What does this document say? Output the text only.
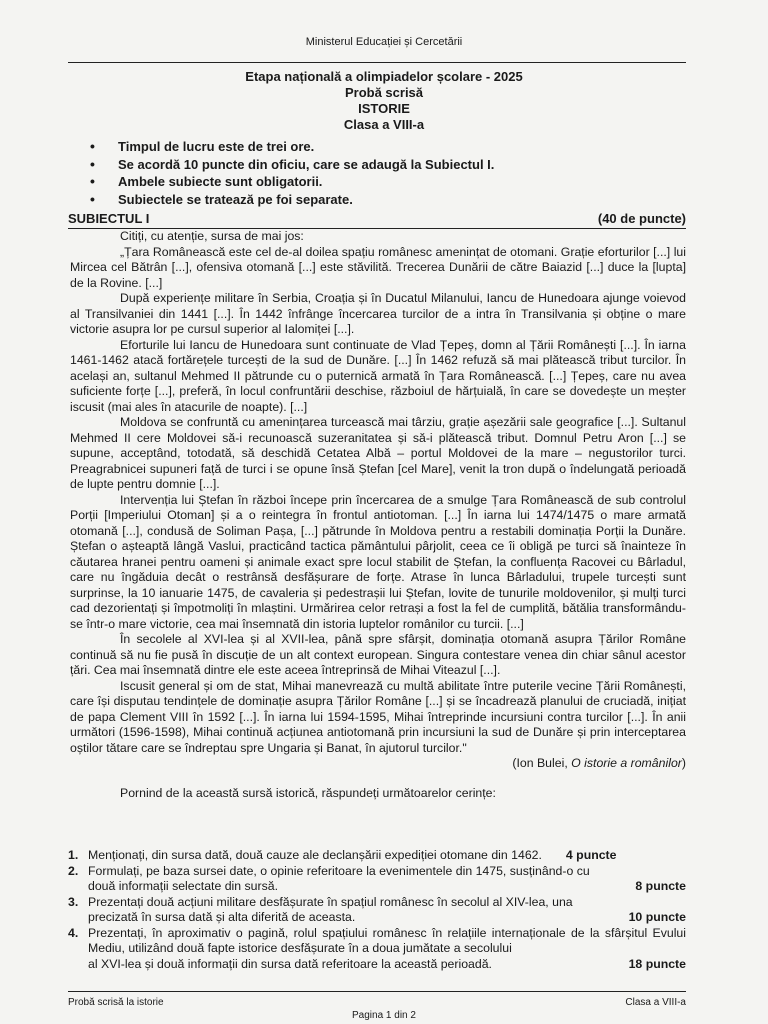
Ministerul Educației și Cercetării
Etapa națională a olimpiadelor școlare - 2025
Probă scrisă
ISTORIE
Clasa a VIII-a
• Timpul de lucru este de trei ore.
• Se acordă 10 puncte din oficiu, care se adaugă la Subiectul I.
• Ambele subiecte sunt obligatorii.
• Subiectele se tratează pe foi separate.
SUBIECTUL I	(40 de puncte)

Citiți, cu atenție, sursa de mai jos:

„Țara Românească este cel de-al doilea spațiu românesc amenințat de otomani. Grație eforturilor [...] lui Mircea cel Bătrân [...], ofensiva otomană [...] este stăvilită. Trecerea Dunării de către Baiazid [...] duce la [lupta] de la Rovine. [...]

După experiențe militare în Serbia, Croația și în Ducatul Milanului, Iancu de Hunedoara ajunge voievod al Transilvaniei din 1441 [...]. În 1442 înfrânge încercarea turcilor de a intra în Transilvania și obține o mare victorie asupra lor pe cursul superior al Ialomiței [...].

Eforturile lui Iancu de Hunedoara sunt continuate de Vlad Țepeș, domn al Țării Românești [...]. În iarna 1461-1462 atacă fortărețele turcești de la sud de Dunăre. [...] În 1462 refuză să mai plătească tribut turcilor. În același an, sultanul Mehmed II pătrunde cu o puternică armată în Țara Românească. [...] Țepeș, care nu avea suficiente forțe [...], preferă, în locul confruntării deschise, războiul de hărțuială, în care se dovedește un meșter iscusit (mai ales în atacurile de noapte). [...]

Moldova se confruntă cu amenințarea turcească mai târziu, grație așezării sale geografice [...]. Sultanul Mehmed II cere Moldovei să-i recunoască suzeranitatea și să-i plătească tribut. Domnul Petru Aron [...] se supune, acceptând, totodată, să deschidă Cetatea Albă – portul Moldovei de la mare – negustorilor turci. Preagrabnicei supuneri față de turci i se opune însă Ștefan [cel Mare], venit la tron după o îndelungată perioadă de lupte pentru domnie [...].

Intervenția lui Ștefan în război începe prin încercarea de a smulge Țara Românească de sub controlul Porții [Imperiului Otoman] și a o reintegra în frontul antiotoman. [...] În iarna lui 1474/1475 o mare armată otomană [...], condusă de Soliman Pașa, [...] pătrunde în Moldova pentru a restabili dominația Porții la Dunăre. Ștefan o așteaptă lângă Vaslui, practicând tactica pământului pârjolit, ceea ce îi obligă pe turci să înainteze în căutarea hranei pentru oameni și animale exact spre locul stabilit de Ștefan, la confluența Racovei cu Bârladul, care nu îngăduia decât o restrânsă desfășurare de forțe. Atrase în lunca Bârladului, trupele turcești sunt surprinse, la 10 ianuarie 1475, de cavaleria și pedestrașii lui Ștefan, lovite de tunurile moldovenilor, și mulți turci cad dezorientați și împotmoliți în mlaștini. Urmărirea celor retrași a fost la fel de cumplită, bătălia transformându-se într-o mare victorie, cea mai însemnată din istoria luptelor românilor cu turcii. [...]

În secolele al XVI-lea și al XVII-lea, până spre sfârșit, dominația otomană asupra Țărilor Române continuă să nu fie pusă în discuție de un alt context european. Singura contestare venea din chiar sânul acestor țări. Cea mai însemnată dintre ele este aceea întreprinsă de Mihai Viteazul [...].

Iscusit general și om de stat, Mihai manevrează cu multă abilitate între puterile vecine Țării Românești, care își disputau tendințele de dominație asupra Țărilor Române [...] și se încadrează planului de cruciadă, inițiat de papa Clement VIII în 1592 [...]. În iarna lui 1594-1595, Mihai întreprinde incursiuni contra turcilor [...]. În anii următori (1596-1598), Mihai continuă acțiunea antiotomană prin incursiuni la sud de Dunăre și prin interceptarea oștilor tătare care se îndreptau spre Ungaria și Banat, în ajutorul turcilor."

(Ion Bulei, O istorie a românilor)

Pornind de la această sursă istorică, răspundeți următoarelor cerințe:

1. Menționați, din sursa dată, două cauze ale declanșării expediției otomane din 1462. 4 puncte
2. Formulați, pe baza sursei date, o opinie referitoare la evenimentele din 1475, susținând-o cu
două informații selectate din sursă.	8 puncte
3. Prezentați două acțiuni militare desfășurate în spațiul românesc în secolul al XIV-lea, una
precizată în sursa dată și alta diferită de aceasta.	10 puncte
4. Prezentați, în aproximativ o pagină, rolul spațiului românesc în relațiile internaționale de la sfârșitul Evului Mediu, utilizând două fapte istorice desfășurate în a doua jumătate a secolului
al XVI-lea și două informații din sursa dată referitoare la această perioadă.	18 puncte
Probă scrisă la istorie	Clasa a VIII-a
Pagina 1 din 2
